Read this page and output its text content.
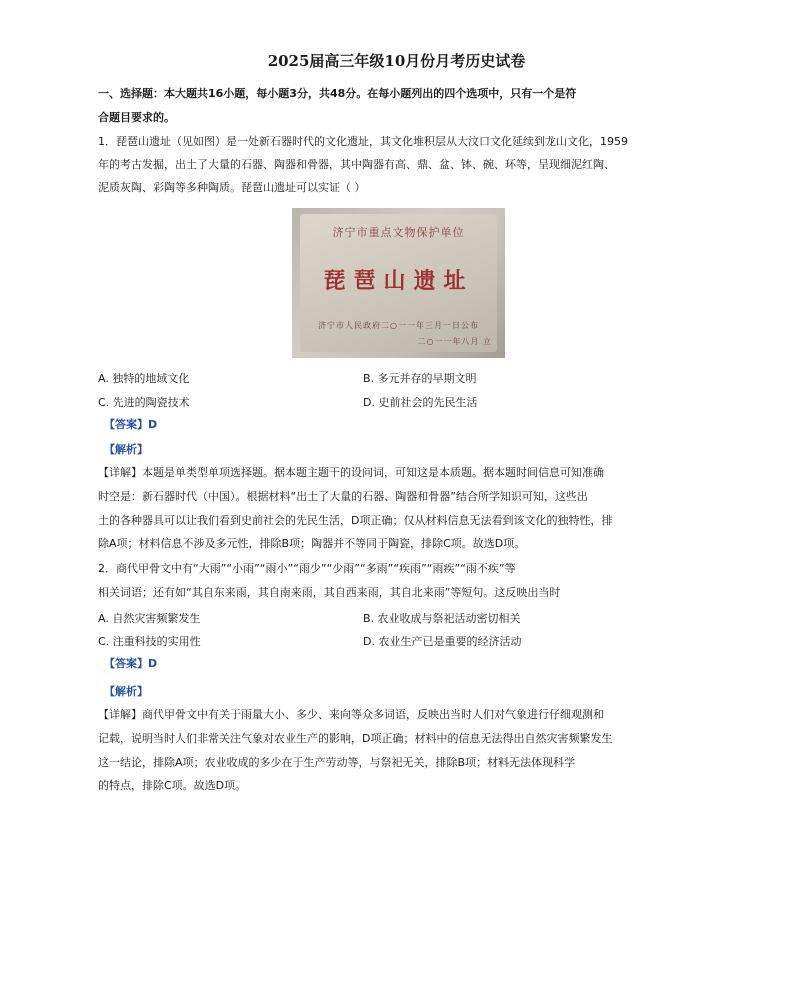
2025届高三年级10月份月考历史试卷
一、选择题：本大题共16小题，每小题3分，共48分。在每小题列出的四个选项中，只有一个是符
合题目要求的。
1．琵琶山遗址（见如图）是一处新石器时代的文化遗址，其文化堆积层从大汶口文化延续到龙山文化，1959
年的考古发掘，出土了大量的石器、陶器和骨器，其中陶器有高、鼎、盆、钵、碗、环等，呈现细泥红陶、
泥质灰陶、彩陶等多种陶质。琵琶山遗址可以实证（ ）
济宁市重点文物保护单位
琵琶山遗址
济宁市人民政府二○一一年三月一日公布
二○一一年八月 立
A. 独特的地域文化	B. 多元并存的早期文明
C. 先进的陶瓷技术	D. 史前社会的先民生活
【答案】D
【解析】
【详解】本题是单类型单项选择题。据本题主题干的设问词，可知这是本质题。据本题时间信息可知准确
时空是：新石器时代（中国）。根据材料“出土了大量的石器、陶器和骨器”结合所学知识可知，这些出
土的各种器具可以让我们看到史前社会的先民生活，D项正确；仅从材料信息无法看到该文化的独特性，排
除A项；材料信息不涉及多元性，排除B项；陶器并不等同于陶瓷，排除C项。故选D项。
2．商代甲骨文中有“大雨”“小雨”“雨小”“雨少”“少雨”“多雨”“疾雨”“雨疾”“雨不疾”等
相关词语；还有如“其自东来雨，其自南来雨，其自西来雨，其自北来雨”等短句。这反映出当时
A. 自然灾害频繁发生	B. 农业收成与祭祀活动密切相关
C. 注重科技的实用性	D. 农业生产已是重要的经济活动
【答案】D
【解析】
【详解】商代甲骨文中有关于雨量大小、多少、来向等众多词语，反映出当时人们对气象进行仔细观测和
记载，说明当时人们非常关注气象对农业生产的影响，D项正确；材料中的信息无法得出自然灾害频繁发生
这一结论，排除A项；农业收成的多少在于生产劳动等，与祭祀无关，排除B项；材料无法体现科学
的特点，排除C项。故选D项。
